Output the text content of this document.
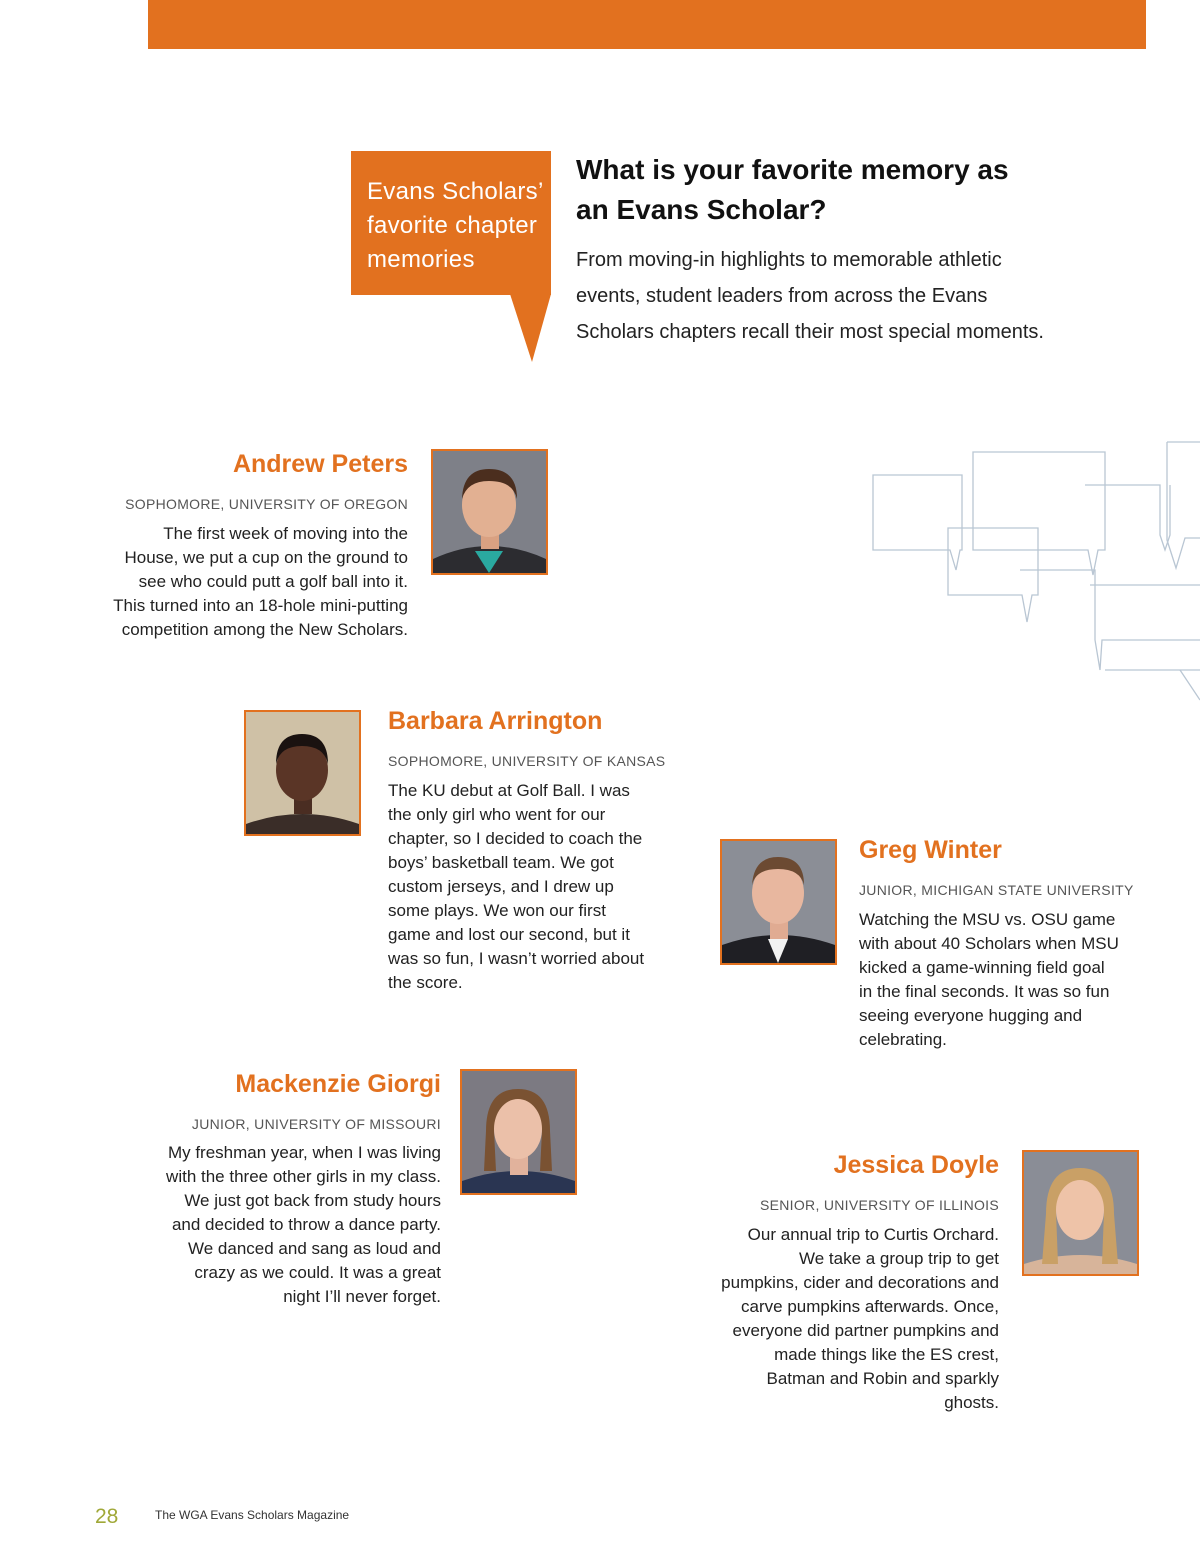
Evans Scholars’
favorite chapter
memories
What is your favorite memory as an Evans Scholar?
From moving-in highlights to memorable athletic events, student leaders from across the Evans Scholars chapters recall their most special moments.
Andrew Peters
SOPHOMORE, UNIVERSITY OF OREGON
The first week of moving into the House, we put a cup on the ground to see who could putt a golf ball into it. This turned into an 18-hole mini-putting competition among the New Scholars.
Barbara Arrington
SOPHOMORE, UNIVERSITY OF KANSAS
The KU debut at Golf Ball. I was the only girl who went for our chapter, so I decided to coach the boys’ basketball team. We got custom jerseys, and I drew up some plays. We won our first game and lost our second, but it was so fun, I wasn’t worried about the score.
Greg Winter
JUNIOR, MICHIGAN STATE UNIVERSITY
Watching the MSU vs. OSU game with about 40 Scholars when MSU kicked a game-winning field goal in the final seconds. It was so fun seeing everyone hugging and celebrating.
Mackenzie Giorgi
JUNIOR, UNIVERSITY OF MISSOURI
My freshman year, when I was living with the three other girls in my class. We just got back from study hours and decided to throw a dance party. We danced and sang as loud and crazy as we could. It was a great night I’ll never forget.
Jessica Doyle
SENIOR, UNIVERSITY OF ILLINOIS
Our annual trip to Curtis Orchard. We take a group trip to get pumpkins, cider and decorations and carve pumpkins afterwards. Once, everyone did partner pumpkins and made things like the ES crest, Batman and Robin and sparkly ghosts.
28	The WGA Evans Scholars Magazine
